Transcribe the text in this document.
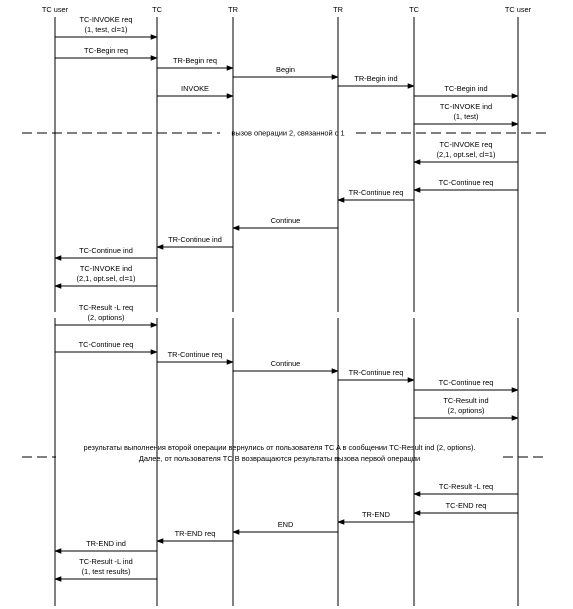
TC user	TC	TR	TR	TC	TC user
вызов операции 2, связанной с 1
результаты выполнения второй операции вернулись от пользователя TC A в сообщении TC-Result ind (2, options).
Далее, от пользователя TC B возвращаются результаты вызова первой операции
TC-INVOKE req
(1, test, cl=1)
TC-Begin req
TR-Begin req
Begin
INVOKE
TR-Begin ind
TC-Begin ind
TC-INVOKE ind
(1, test)
TC-INVOKE req
(2,1, opt.sel, cl=1)
TC-Continue req
TR-Continue req
Continue
TR-Continue ind
TC-Continue ind
TC-INVOKE ind
(2,1, opt.sel, cl=1)
TC-Result -L req
(2, options)
TC-Continue req
TR-Continue req
Continue
TR-Continue req
TC-Continue req
TC-Result ind
(2, options)
TC-Result -L req
TC-END req
TR-END
END
TR-END req
TR-END ind
TC-Result -L ind
(1, test results)
